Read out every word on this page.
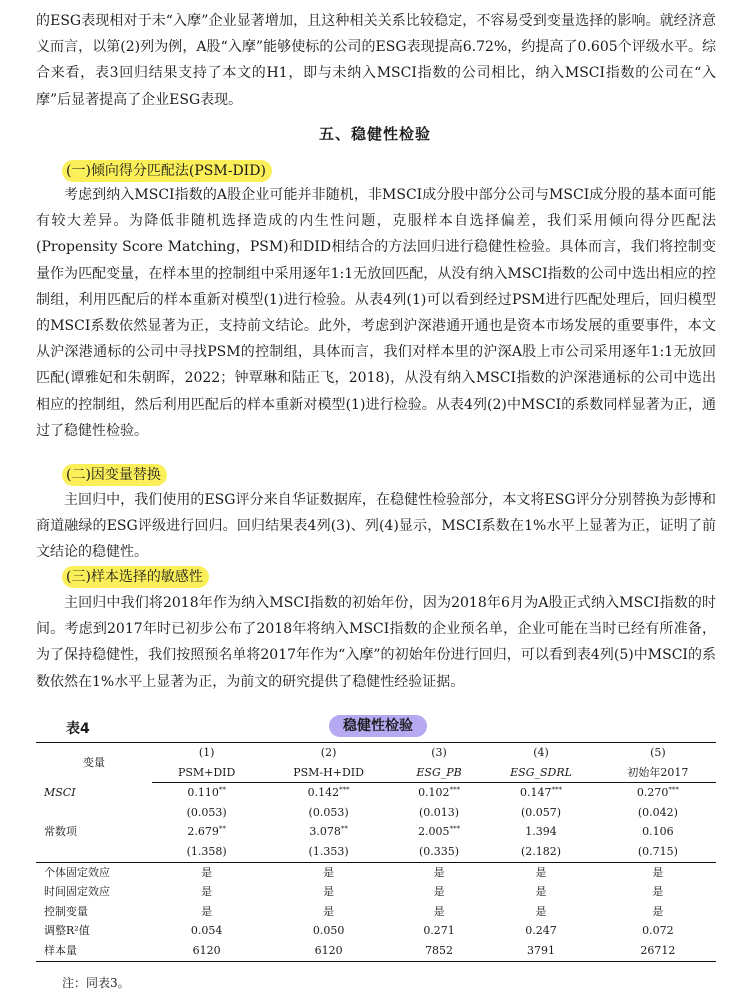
的ESG表现相对于未“入摩”企业显著增加，且这种相关关系比较稳定，不容易受到变量选择的影响。就经济意义而言，以第(2)列为例，A股“入摩”能够使标的公司的ESG表现提高6.72%，约提高了0.605个评级水平。综合来看，表3回归结果支持了本文的H1，即与未纳入MSCI指数的公司相比，纳入MSCI指数的公司在“入摩”后显著提高了企业ESG表现。

五、稳健性检验
(一)倾向得分匹配法(PSM-DID)

考虑到纳入MSCI指数的A股企业可能并非随机，非MSCI成分股中部分公司与MSCI成分股的基本面可能有较大差异。为降低非随机选择造成的内生性问题，克服样本自选择偏差，我们采用倾向得分匹配法(Propensity Score Matching，PSM)和DID相结合的方法回归进行稳健性检验。具体而言，我们将控制变量作为匹配变量，在样本里的控制组中采用逐年1:1无放回匹配，从没有纳入MSCI指数的公司中选出相应的控制组，利用匹配后的样本重新对模型(1)进行检验。从表4列(1)可以看到经过PSM进行匹配处理后，回归模型的MSCI系数依然显著为正，支持前文结论。此外，考虑到沪深港通开通也是资本市场发展的重要事件，本文从沪深港通标的公司中寻找PSM的控制组，具体而言，我们对样本里的沪深A股上市公司采用逐年1:1无放回匹配(谭雅妃和朱朝晖，2022；钟覃琳和陆正飞，2018)，从没有纳入MSCI指数的沪深港通标的公司中选出相应的控制组，然后利用匹配后的样本重新对模型(1)进行检验。从表4列(2)中MSCI的系数同样显著为正，通过了稳健性检验。

(二)因变量替换

主回归中，我们使用的ESG评分来自华证数据库，在稳健性检验部分，本文将ESG评分分别替换为彭博和商道融绿的ESG评级进行回归。回归结果表4列(3)、列(4)显示，MSCI系数在1%水平上显著为正，证明了前文结论的稳健性。

(三)样本选择的敏感性

主回归中我们将2018年作为纳入MSCI指数的初始年份，因为2018年6月为A股正式纳入MSCI指数的时间。考虑到2017年时已初步公布了2018年将纳入MSCI指数的企业预名单，企业可能在当时已经有所准备，为了保持稳健性，我们按照预名单将2017年作为“入摩”的初始年份进行回归，可以看到表4列(5)中MSCI的系数依然在1%水平上显著为正，为前文的研究提供了稳健性经验证据。

表4	稳健性检验
变量	(1)	(2)	(3)	(4)	(5)
	PSM+DID	PSM-H+DID	ESG_PB	ESG_SDRL	初始年2017
MSCI	0.110**	0.142***	0.102***	0.147***	0.270***
	(0.053)	(0.053)	(0.013)	(0.057)	(0.042)
常数项	2.679**	3.078**	2.005***	1.394	0.106
	(1.358)	(1.353)	(0.335)	(2.182)	(0.715)
个体固定效应	是	是	是	是	是
时间固定效应	是	是	是	是	是
控制变量	是	是	是	是	是
调整R²值	0.054	0.050	0.271	0.247	0.072
样本量	6120	6120	7852	3791	26712
注：同表3。
